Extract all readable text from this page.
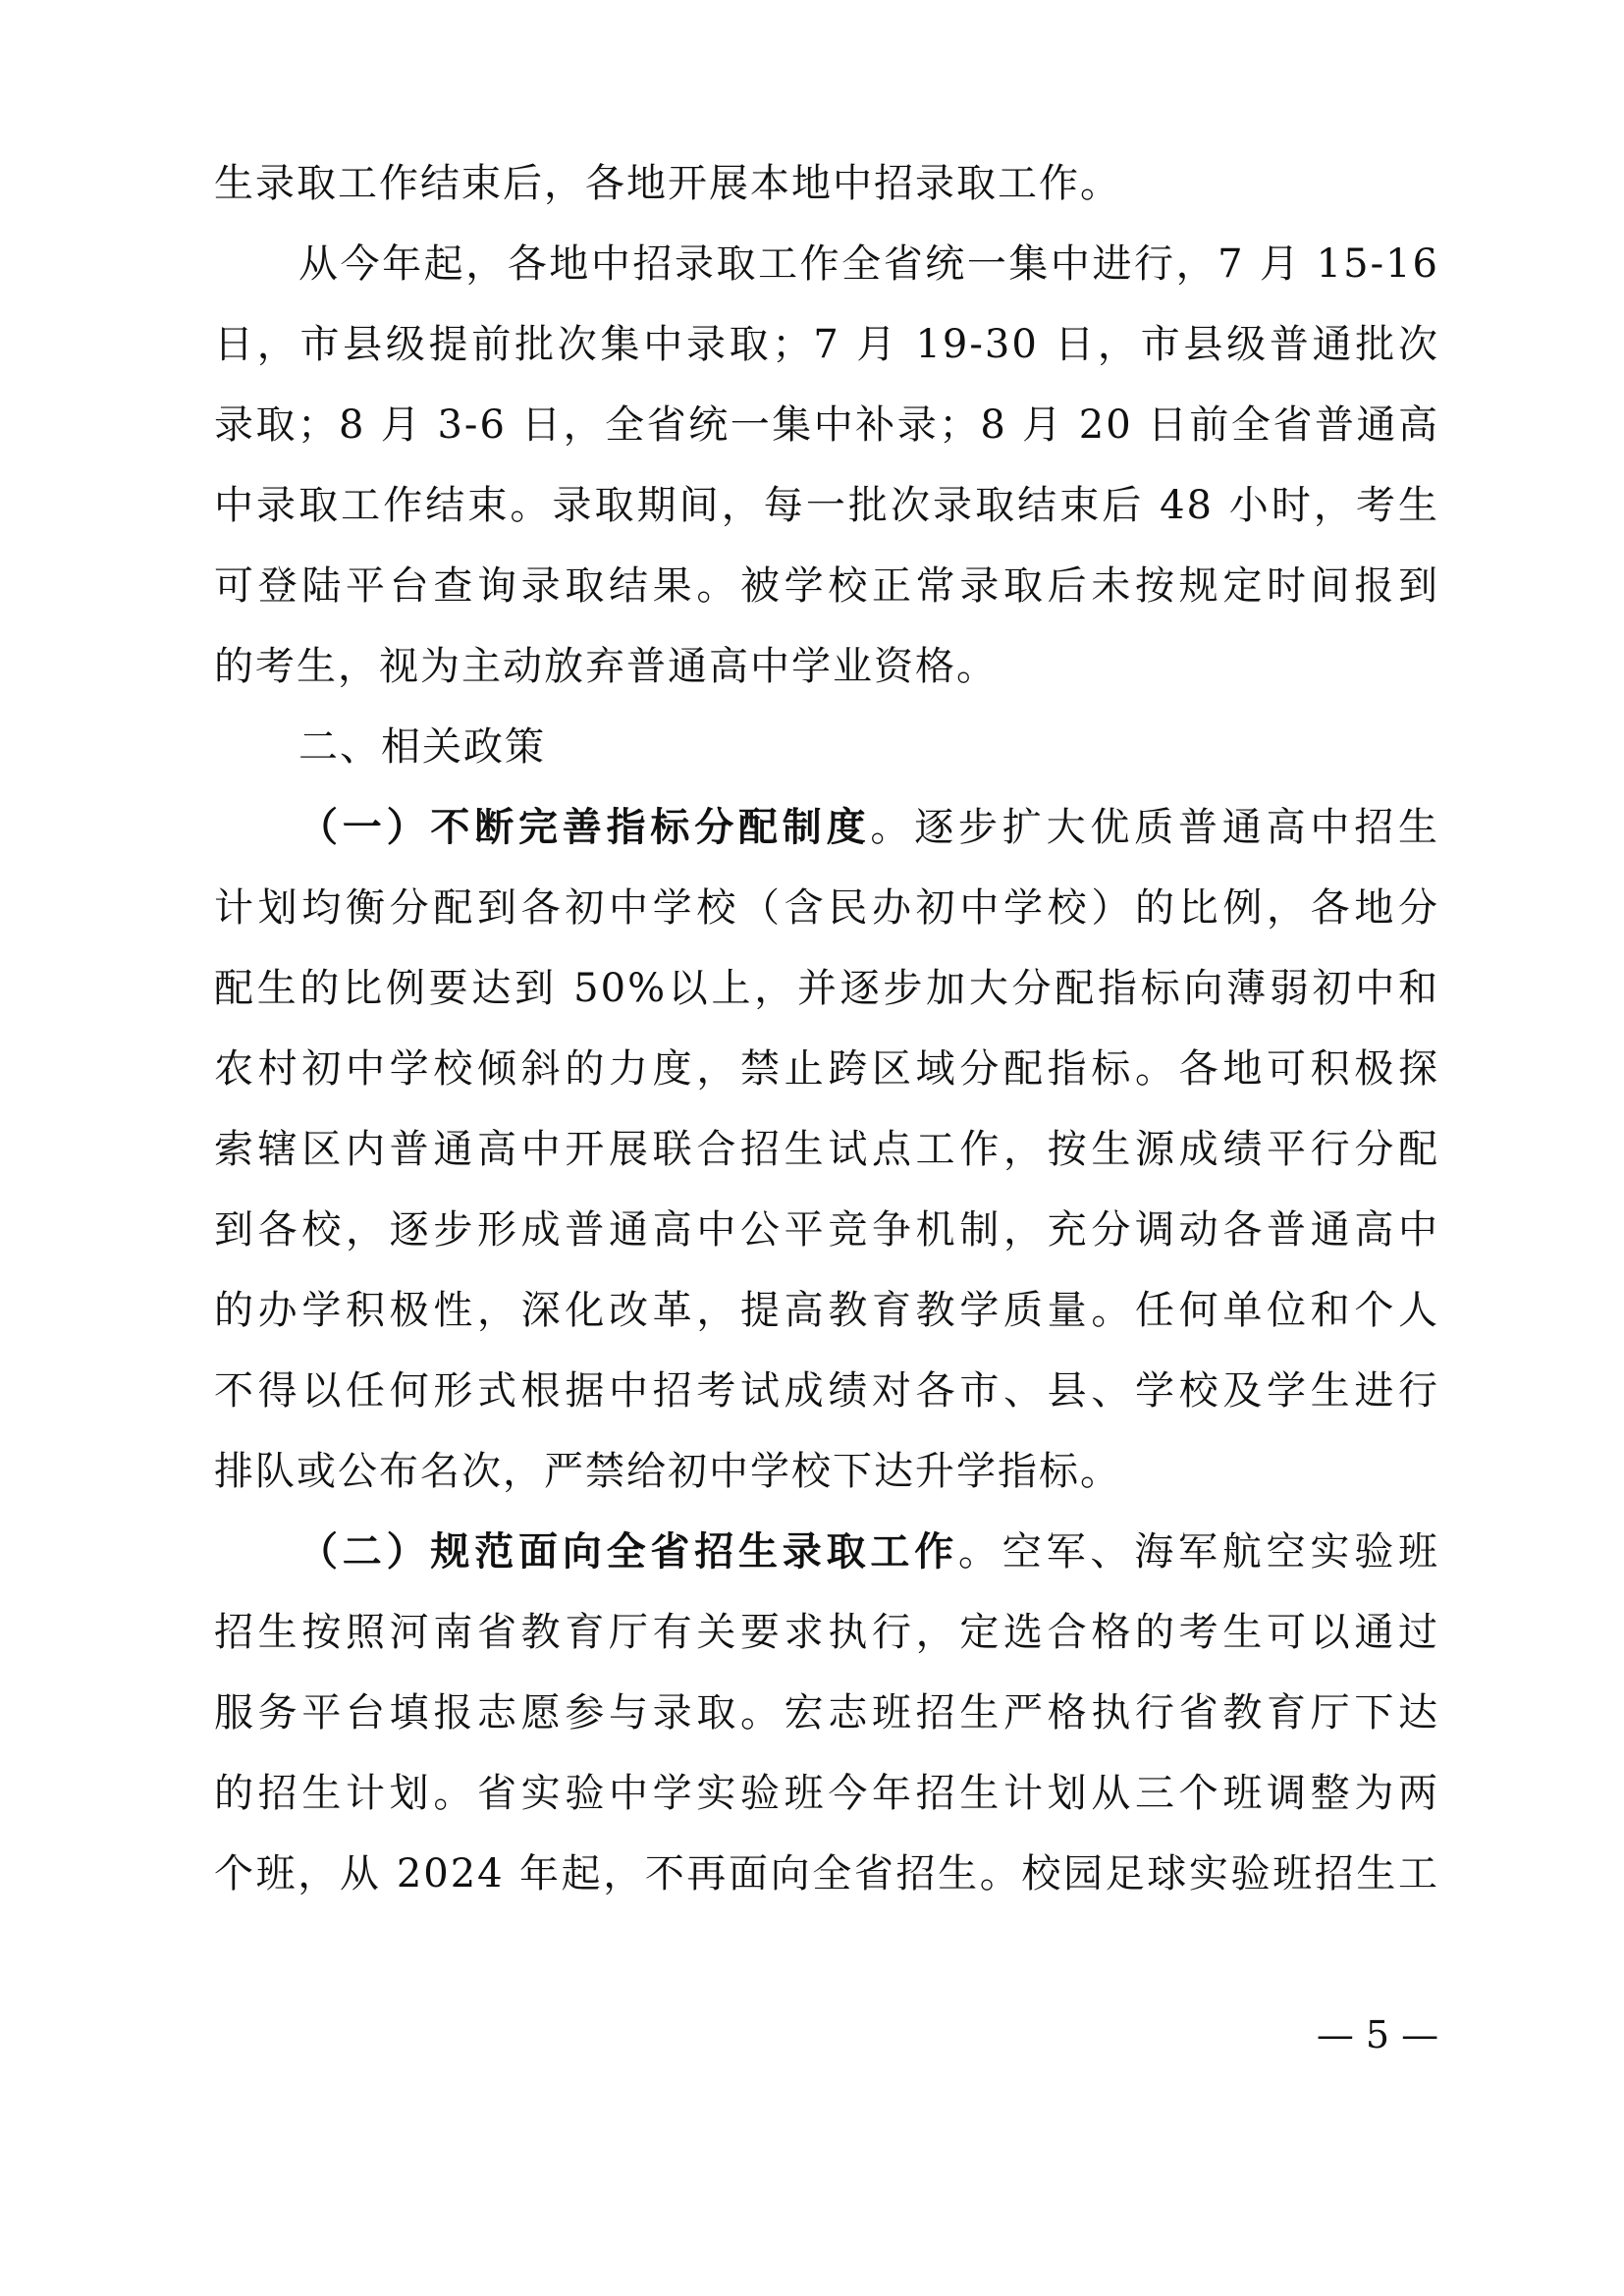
生录取工作结束后，各地开展本地中招录取工作。
从今年起，各地中招录取工作全省统一集中进行，7 月 15-16
日，市县级提前批次集中录取；7 月 19-30 日，市县级普通批次
录取；8 月 3-6 日，全省统一集中补录；8 月 20 日前全省普通高
中录取工作结束。录取期间，每一批次录取结束后 48 小时，考生
可登陆平台查询录取结果。被学校正常录取后未按规定时间报到
的考生，视为主动放弃普通高中学业资格。
二、相关政策
（一）不断完善指标分配制度。逐步扩大优质普通高中招生
计划均衡分配到各初中学校（含民办初中学校）的比例，各地分
配生的比例要达到 50%以上，并逐步加大分配指标向薄弱初中和
农村初中学校倾斜的力度，禁止跨区域分配指标。各地可积极探
索辖区内普通高中开展联合招生试点工作，按生源成绩平行分配
到各校，逐步形成普通高中公平竞争机制，充分调动各普通高中
的办学积极性，深化改革，提高教育教学质量。任何单位和个人
不得以任何形式根据中招考试成绩对各市、县、学校及学生进行
排队或公布名次，严禁给初中学校下达升学指标。
（二）规范面向全省招生录取工作。空军、海军航空实验班
招生按照河南省教育厅有关要求执行，定选合格的考生可以通过
服务平台填报志愿参与录取。宏志班招生严格执行省教育厅下达
的招生计划。省实验中学实验班今年招生计划从三个班调整为两
个班，从 2024 年起，不再面向全省招生。校园足球实验班招生工
— 5 —
